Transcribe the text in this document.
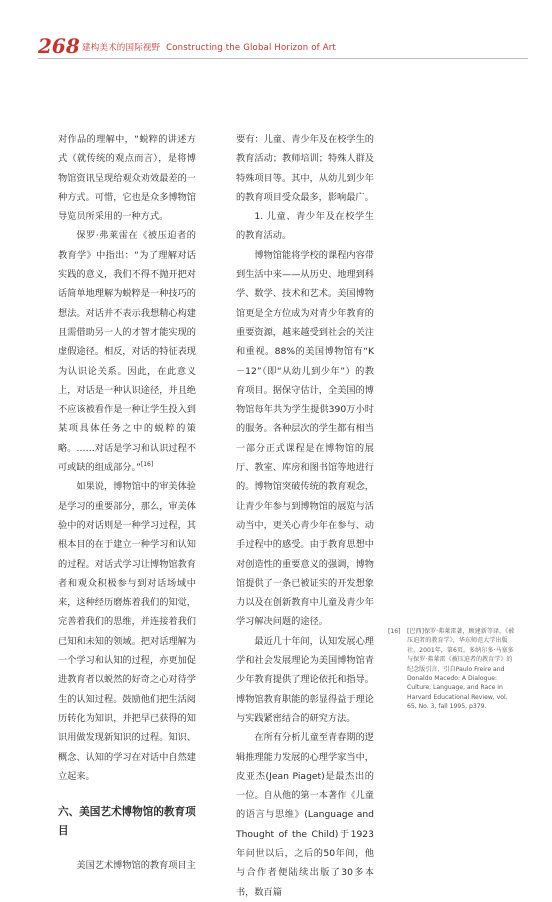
268 建构美术的国际视野 Constructing the Global Horizon of Art

对作品的理解中，“蜕粹的讲述方式（就传统的观点而言），是将博物馆资讯呈现给观众劝效最差的一种方式。可惜，它也是众多博物馆导览员所采用的一种方式。

保罗·弗莱雷在《被压迫者的教育学》中指出：“为了理解对话实践的意义，我们不得不抛开把对话简单地理解为蜕粹是一种技巧的想法。对话并不表示我想精心构建且需借助另一人的才智才能实现的虚假途径。相反，对话的特征表现为认识论关系。因此，在此意义上，对话是一种认识途径，并且绝不应该被看作是一种让学生投入到某项具体任务之中的蜕粹的策略。……对话是学习和认识过程不可或缺的组成部分。”[16]

如果说，博物馆中的审美体验是学习的重要部分，那么，审美体验中的对话则是一种学习过程，其根本目的在于建立一种学习和认知的过程。对话式学习让博物馆教育者和观众积极参与到对话场域中来，这种经历磨炼着我们的知觉，完善着我们的思维，并连接着我们已知和未知的领域。把对话理解为一个学习和认知的过程，亦更加促进教育者以蜕然的好奇之心对待学生的认知过程。鼓励他们把生活阅历转化为知识，并把早已获得的知识用做发现新知识的过程。知识、概念、认知的学习在对话中自然建立起来。

六、美国艺术博物馆的教育项目

美国艺术博物馆的教育项目主

要有：儿童、青少年及在校学生的教育活动；教师培训；特殊人群及特殊项目等。其中，从幼儿到少年的教育项目受众最多，影响最广。

1. 儿童、青少年及在校学生的教育活动。

博物馆能将学校的课程内容带到生活中来——从历史、地理到科学、数学、技术和艺术。美国博物馆更是全方位成为对青少年教育的重要资源，越来越受到社会的关注和重视。88%的美国博物馆有“K－12”（即“从幼儿到少年”）的教育项目。据保守估计，全美国的博物馆每年共为学生提供390万小时的服务。各种层次的学生都有相当一部分正式课程是在博物馆的展厅、教室、库房和图书馆等地进行的。博物馆突破传统的教育观念，让青少年参与到博物馆的展览与活动当中，更关心青少年在参与、动手过程中的感受。由于教育思想中对创造性的重要意义的强调，博物馆提供了一条已被证实的开发想象力以及在创新教育中儿童及青少年学习解决问题的途径。

最近几十年间，认知发展心理学和社会发展理论为美国博物馆青少年教育提供了理论依托和指导。博物馆教育职能的彰显得益于理论与实践紧密结合的研究方法。

在所有分析儿童至青春期的逻辑推理能力发展的心理学家当中，皮亚杰(Jean Piaget)是最杰出的一位。自从他的第一本著作《儿童的语言与思维》(Language and Thought of the Child)于1923年问世以后，之后的50年间，他与合作者便陆续出版了30多本书，数百篇

[16] [巴西]保罗·弗莱雷著，顾建新等译，《被压迫者的教育学》，华东师范大学出版社，2001年，第6页。多纳尔多·马塞多与保罗·弗莱雷《被压迫者的教育学》的纪念版引言，引自Paulo Freire and Donaldo Macedo: A Dialogue: Culture, Language, and Race in Harvard Educational Review, vol. 65, No. 3, fall 1995, p379.
